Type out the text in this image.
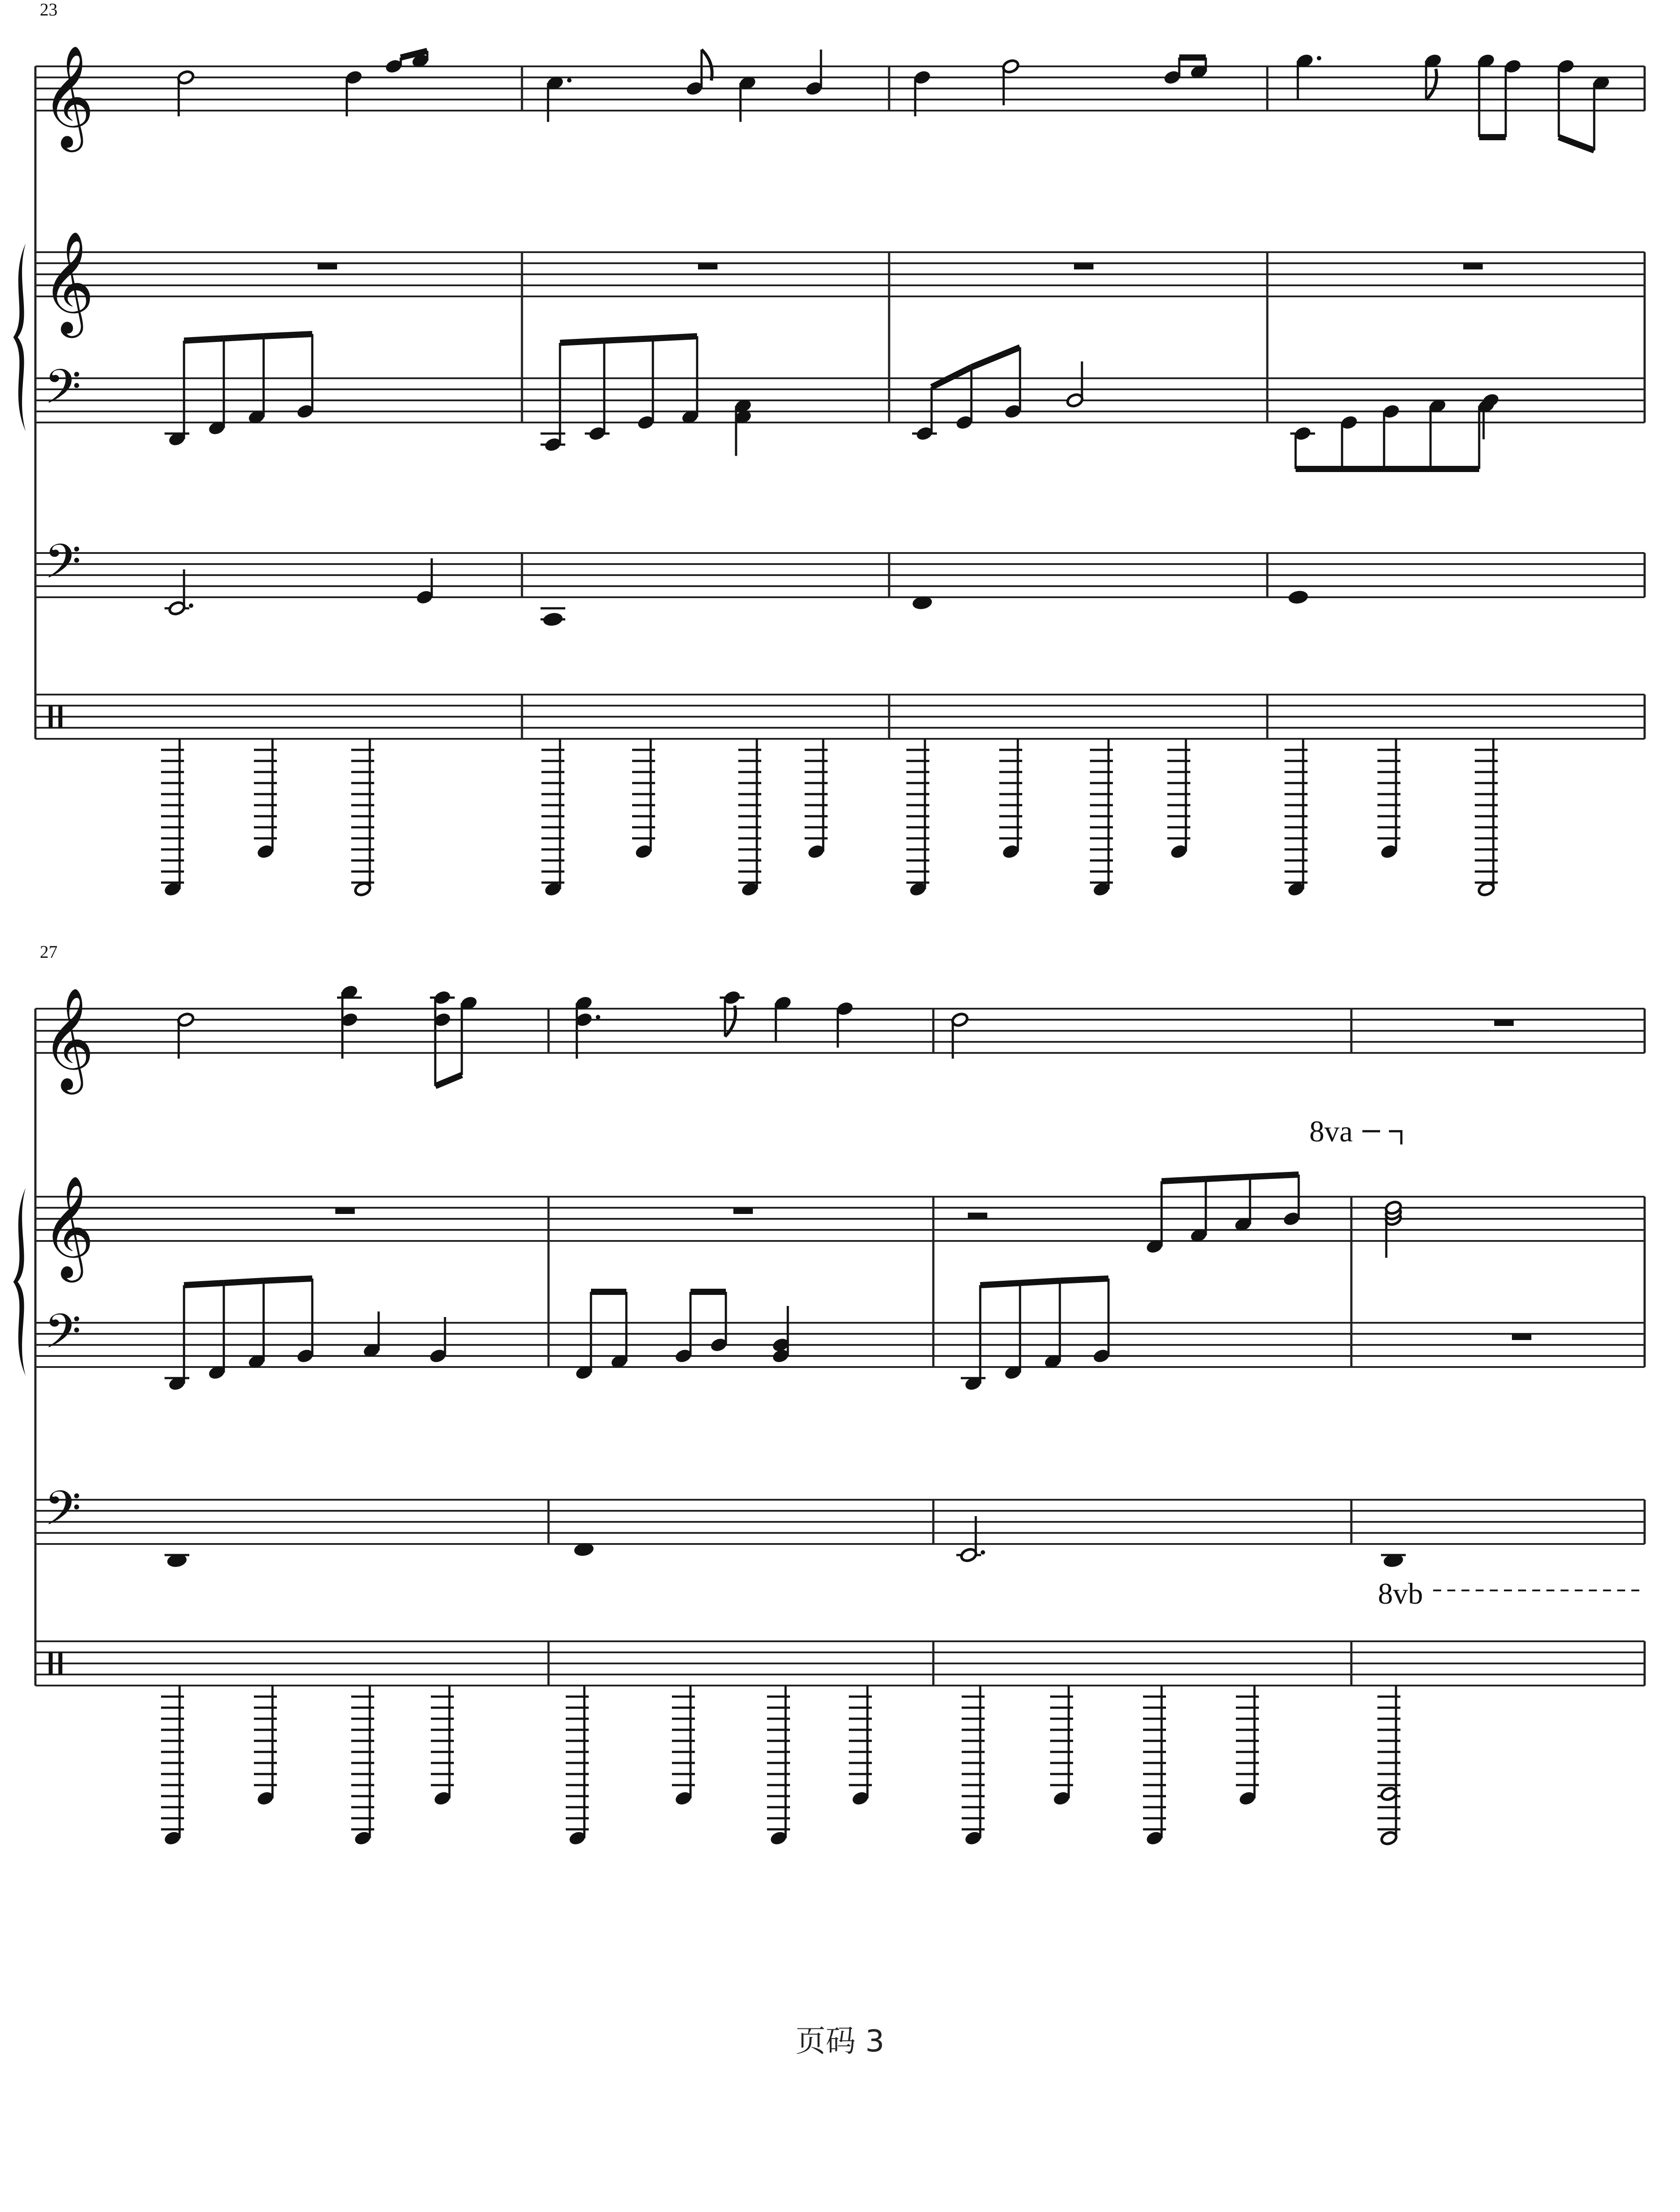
𝄞
𝄞
𝄢
𝄢
23
𝄞
𝄞
𝄢
𝄢
27
8va
8vb
页码 3
